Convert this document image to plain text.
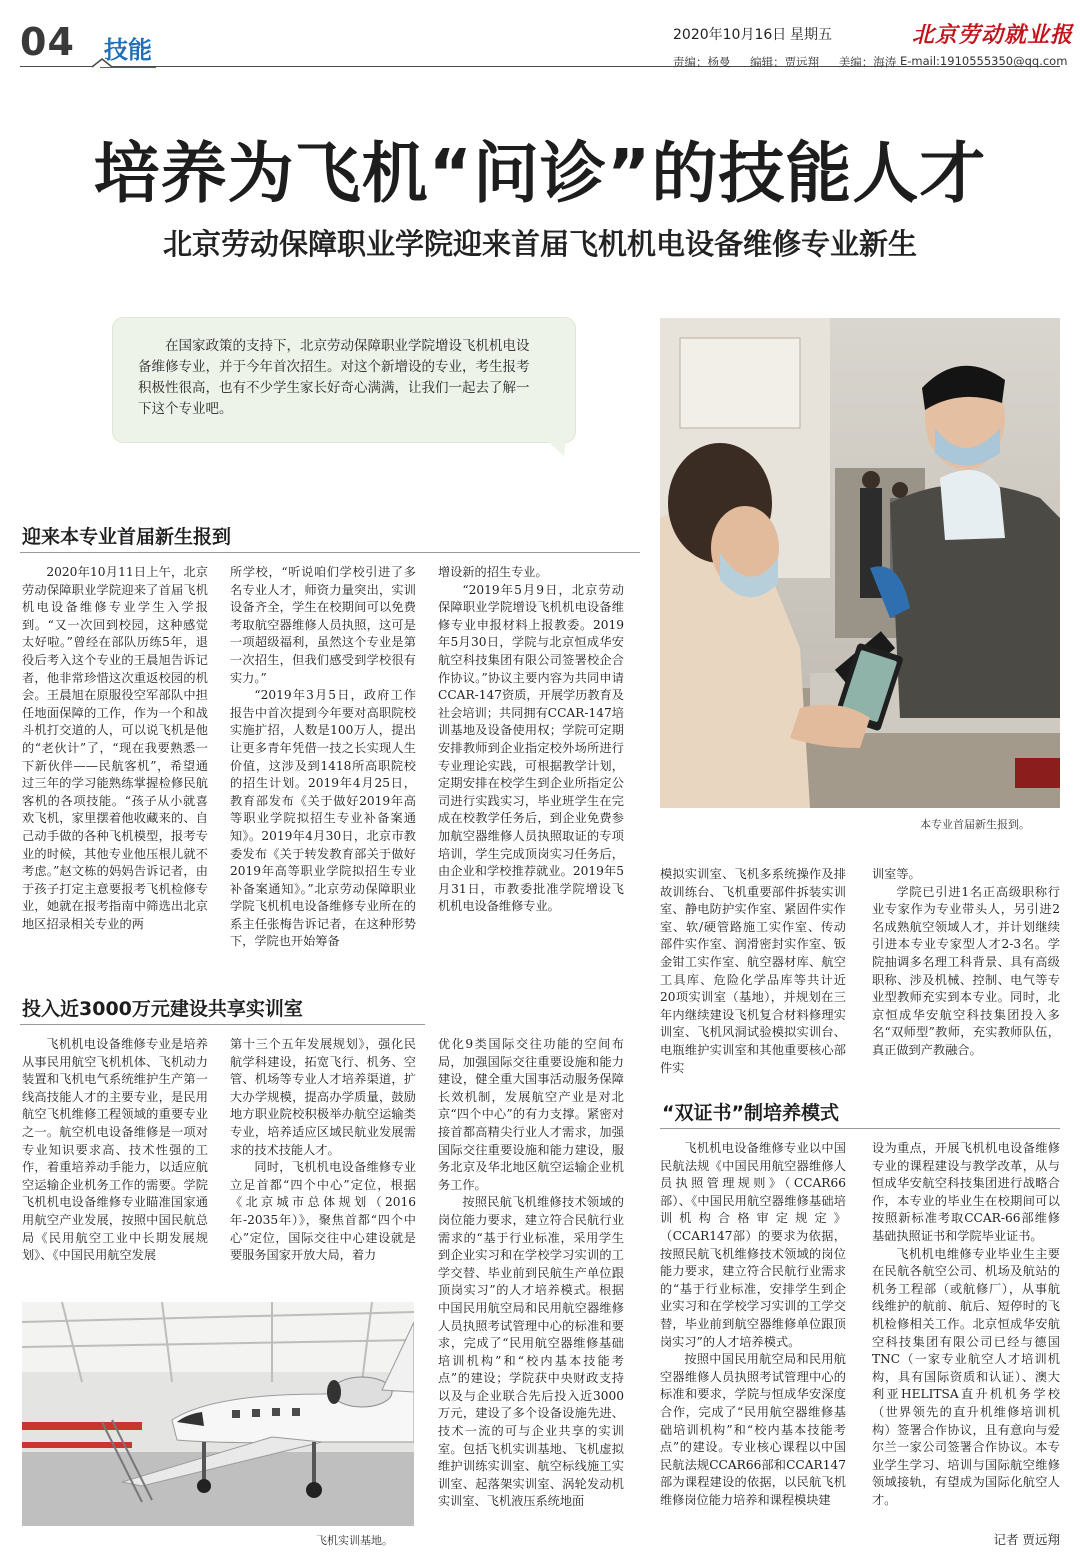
04 技能
2020年10月16日 星期五	北京劳动就业报
责编：杨曼 编辑：贾远翔 美编：海涛 E-mail:1910555350@qq.com
培养为飞机“问诊”的技能人才
北京劳动保障职业学院迎来首届飞机机电设备维修专业新生
在国家政策的支持下，北京劳动保障职业学院增设飞机机电设备维修专业，并于今年首次招生。对这个新增设的专业，考生报考积极性很高，也有不少学生家长好奇心满满，让我们一起去了解一下这个专业吧。
本专业首届新生报到。
迎来本专业首届新生报到

2020年10月11日上午，北京劳动保障职业学院迎来了首届飞机机电设备维修专业学生入学报到。“又一次回到校园，这种感觉太好啦。”曾经在部队历练5年，退役后考入这个专业的王晨旭告诉记者，他非常珍惜这次重返校园的机会。王晨旭在原服役空军部队中担任地面保障的工作，作为一个和战斗机打交道的人，可以说飞机是他的“老伙计”了，“现在我要熟悉一下新伙伴——民航客机”，希望通过三年的学习能熟练掌握检修民航客机的各项技能。“孩子从小就喜欢飞机，家里摆着他收藏来的、自己动手做的各种飞机模型，报考专业的时候，其他专业他压根儿就不考虑。”赵文栋的妈妈告诉记者，由于孩子打定主意要报考飞机检修专业，她就在报考指南中筛选出北京地区招录相关专业的两

所学校，“听说咱们学校引进了多名专业人才，师资力量突出，实训设备齐全，学生在校期间可以免费考取航空器维修人员执照，这可是一项超级福利，虽然这个专业是第一次招生，但我们感受到学校很有实力。”

“2019年3月5日，政府工作报告中首次提到今年要对高职院校实施扩招，人数是100万人，提出让更多青年凭借一技之长实现人生价值，这涉及到1418所高职院校的招生计划。2019年4月25日，教育部发布《关于做好2019年高等职业学院拟招生专业补备案通知》。2019年4月30日，北京市教委发布《关于转发教育部关于做好2019年高等职业学院拟招生专业补备案通知》。”北京劳动保障职业学院飞机机电设备维修专业所在的系主任张梅告诉记者，在这种形势下，学院也开始筹备

增设新的招生专业。

“2019年5月9日，北京劳动保障职业学院增设飞机机电设备维修专业申报材料上报教委。2019年5月30日，学院与北京恒成华安航空科技集团有限公司签署校企合作协议。”协议主要内容为共同申请CCAR-147资质，开展学历教育及社会培训；共同拥有CCAR-147培训基地及设备使用权；学院可定期安排教师到企业指定校外场所进行专业理论实践，可根据教学计划，定期安排在校学生到企业所指定公司进行实践实习，毕业班学生在完成在校教学任务后，到企业免费参加航空器维修人员执照取证的专项培训，学生完成顶岗实习任务后，由企业和学校推荐就业。2019年5月31日，市教委批准学院增设飞机机电设备维修专业。

投入近3000万元建设共享实训室

飞机机电设备维修专业是培养从事民用航空飞机机体、飞机动力装置和飞机电气系统维护生产第一线高技能人才的主要专业，是民用航空飞机维修工程领域的重要专业之一。航空机电设备维修是一项对专业知识要求高、技术性强的工作，着重培养动手能力，以适应航空运输企业机务工作的需要。学院飞机机电设备维修专业瞄准国家通用航空产业发展，按照中国民航总局《民用航空工业中长期发展规划》、《中国民用航空发展

第十三个五年发展规划》，强化民航学科建设，拓宽飞行、机务、空管、机场等专业人才培养渠道，扩大办学规模，提高办学质量，鼓励地方职业院校积极举办航空运输类专业，培养适应区域民航业发展需求的技术技能人才。

同时，飞机机电设备维修专业立足首都“四个中心”定位，根据《北京城市总体规划（2016年-2035年）》，聚焦首都“四个中心”定位，国际交往中心建设就是要服务国家开放大局，着力

优化9类国际交往功能的空间布局，加强国际交往重要设施和能力建设，健全重大国事活动服务保障长效机制，发展航空产业是对北京“四个中心”的有力支撑。紧密对接首都高精尖行业人才需求，加强国际交往重要设施和能力建设，服务北京及华北地区航空运输企业机务工作。

按照民航飞机维修技术领域的岗位能力要求，建立符合民航行业需求的“基于行业标准，采用学生到企业实习和在学校学习实训的工学交替、毕业前到民航生产单位跟顶岗实习”的人才培养模式。根据中国民用航空局和民用航空器维修人员执照考试管理中心的标准和要求，完成了“民用航空器维修基础培训机构”和“校内基本技能考点”的建设；学院获中央财政支持以及与企业联合先后投入近3000万元，建设了多个设备设施先进、技术一流的可与企业共享的实训室。包括飞机实训基地、飞机虚拟维护训练实训室、航空标线施工实训室、起落架实训室、涡轮发动机实训室、飞机液压系统地面

模拟实训室、飞机多系统操作及排故训练台、飞机重要部件拆装实训室、静电防护实作室、紧固件实作室、软/硬管路施工实作室、传动部件实作室、润滑密封实作室、钣金钳工实作室、航空器材库、航空工具库、危险化学品库等共计近20项实训室（基地），并规划在三年内继续建设飞机复合材料修理实训室、飞机风洞试验模拟实训台、电瓶维护实训室和其他重要核心部件实

训室等。

学院已引进1名正高级职称行业专家作为专业带头人，另引进2名成熟航空领域人才，并计划继续引进本专业专家型人才2-3名。学院抽调多名理工科背景、具有高级职称、涉及机械、控制、电气等专业型教师充实到本专业。同时，北京恒成华安航空科技集团投入多名“双师型”教师，充实教师队伍，真正做到产教融合。

飞机实训基地。
“双证书”制培养模式

飞机机电设备维修专业以中国民航法规《中国民用航空器维修人员执照管理规则》（CCAR66部）、《中国民用航空器维修基础培训机构合格审定规定》（CCAR147部）的要求为依据，按照民航飞机维修技术领域的岗位能力要求，建立符合民航行业需求的“基于行业标准，安排学生到企业实习和在学校学习实训的工学交替，毕业前到航空器维修单位跟顶岗实习”的人才培养模式。

按照中国民用航空局和民用航空器维修人员执照考试管理中心的标准和要求，学院与恒成华安深度合作，完成了“民用航空器维修基础培训机构”和“校内基本技能考点”的建设。专业核心课程以中国民航法规CCAR66部和CCAR147部为课程建设的依据，以民航飞机维修岗位能力培养和课程模块建

设为重点，开展飞机机电设备维修专业的课程建设与教学改革，从与恒成华安航空科技集团进行战略合作，本专业的毕业生在校期间可以按照新标准考取CCAR-66部维修基础执照证书和学院毕业证书。

飞机机电维修专业毕业生主要在民航各航空公司、机场及航站的机务工程部（或航修厂），从事航线维护的航前、航后、短停时的飞机检修相关工作。北京恒成华安航空科技集团有限公司已经与德国TNC（一家专业航空人才培训机构，具有国际资质和认证）、澳大利亚HELITSA直升机机务学校（世界领先的直升机维修培训机构）签署合作协议，且有意向与爱尔兰一家公司签署合作协议。本专业学生学习、培训与国际航空维修领域接轨，有望成为国际化航空人才。

记者 贾远翔
